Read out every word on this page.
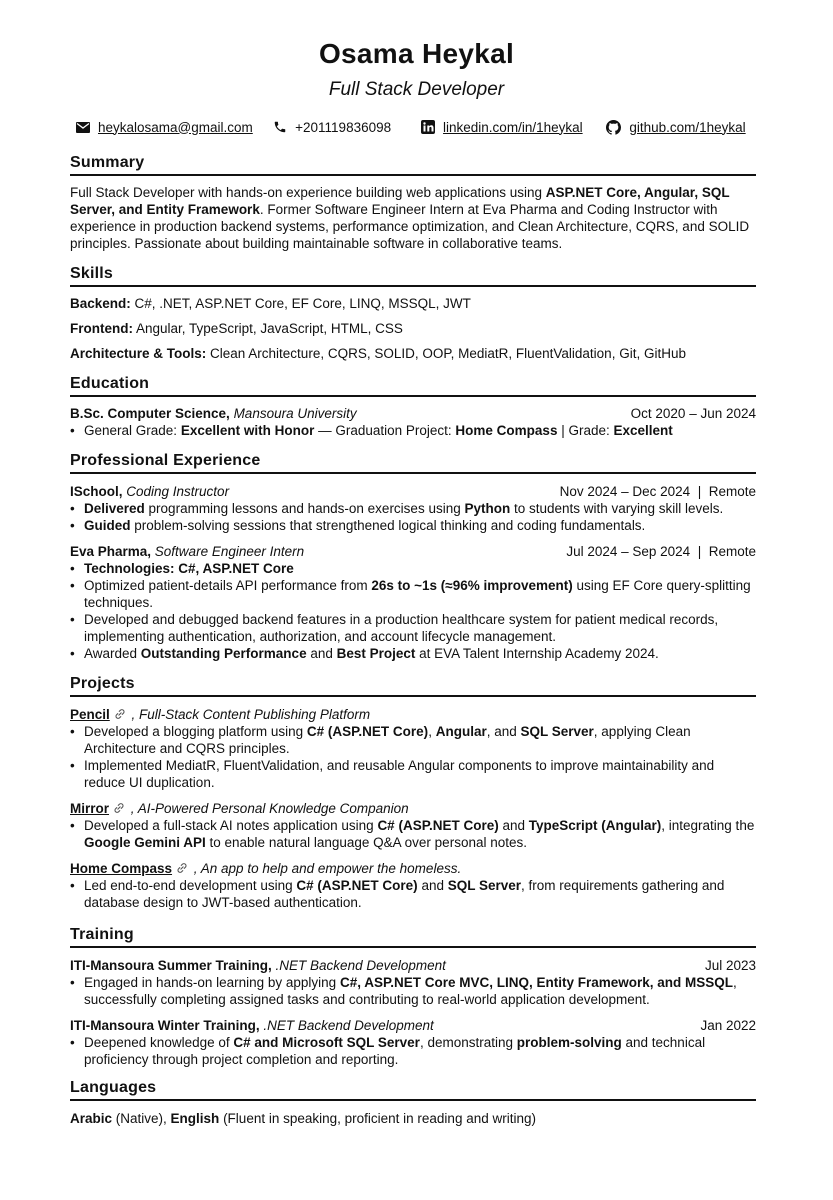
Osama Heykal
Full Stack Developer
heykalosama@gmail.com	+201119836098	linkedin.com/in/1heykal	github.com/1heykal
Summary
Full Stack Developer with hands-on experience building web applications using ASP.NET Core, Angular, SQL Server, and Entity Framework. Former Software Engineer Intern at Eva Pharma and Coding Instructor with experience in production backend systems, performance optimization, and Clean Architecture, CQRS, and SOLID principles. Passionate about building maintainable software in collaborative teams.
Skills
Backend: C#, .NET, ASP.NET Core, EF Core, LINQ, MSSQL, JWT
Frontend: Angular, TypeScript, JavaScript, HTML, CSS
Architecture & Tools: Clean Architecture, CQRS, SOLID, OOP, MediatR, FluentValidation, Git, GitHub
Education
B.Sc. Computer Science, Mansoura University	Oct 2020 – Jun 2024
• General Grade: Excellent with Honor — Graduation Project: Home Compass | Grade: Excellent
Professional Experience
ISchool, Coding Instructor	Nov 2024 – Dec 2024 | Remote
• Delivered programming lessons and hands-on exercises using Python to students with varying skill levels.
• Guided problem-solving sessions that strengthened logical thinking and coding fundamentals.
Eva Pharma, Software Engineer Intern	Jul 2024 – Sep 2024 | Remote
• Technologies: C#, ASP.NET Core
• Optimized patient-details API performance from 26s to ~1s (≈96% improvement) using EF Core query-splitting techniques.
• Developed and debugged backend features in a production healthcare system for patient medical records, implementing authentication, authorization, and account lifecycle management.
• Awarded Outstanding Performance and Best Project at EVA Talent Internship Academy 2024.
Projects
Pencil , Full-Stack Content Publishing Platform
• Developed a blogging platform using C# (ASP.NET Core), Angular, and SQL Server, applying Clean Architecture and CQRS principles.
• Implemented MediatR, FluentValidation, and reusable Angular components to improve maintainability and reduce UI duplication.
Mirror , AI-Powered Personal Knowledge Companion
• Developed a full-stack AI notes application using C# (ASP.NET Core) and TypeScript (Angular), integrating the Google Gemini API to enable natural language Q&A over personal notes.
Home Compass , An app to help and empower the homeless.
• Led end-to-end development using C# (ASP.NET Core) and SQL Server, from requirements gathering and database design to JWT-based authentication.
Training
ITI-Mansoura Summer Training, .NET Backend Development	Jul 2023
• Engaged in hands-on learning by applying C#, ASP.NET Core MVC, LINQ, Entity Framework, and MSSQL, successfully completing assigned tasks and contributing to real-world application development.
ITI-Mansoura Winter Training, .NET Backend Development	Jan 2022
• Deepened knowledge of C# and Microsoft SQL Server, demonstrating problem-solving and technical proficiency through project completion and reporting.
Languages
Arabic (Native), English (Fluent in speaking, proficient in reading and writing)
